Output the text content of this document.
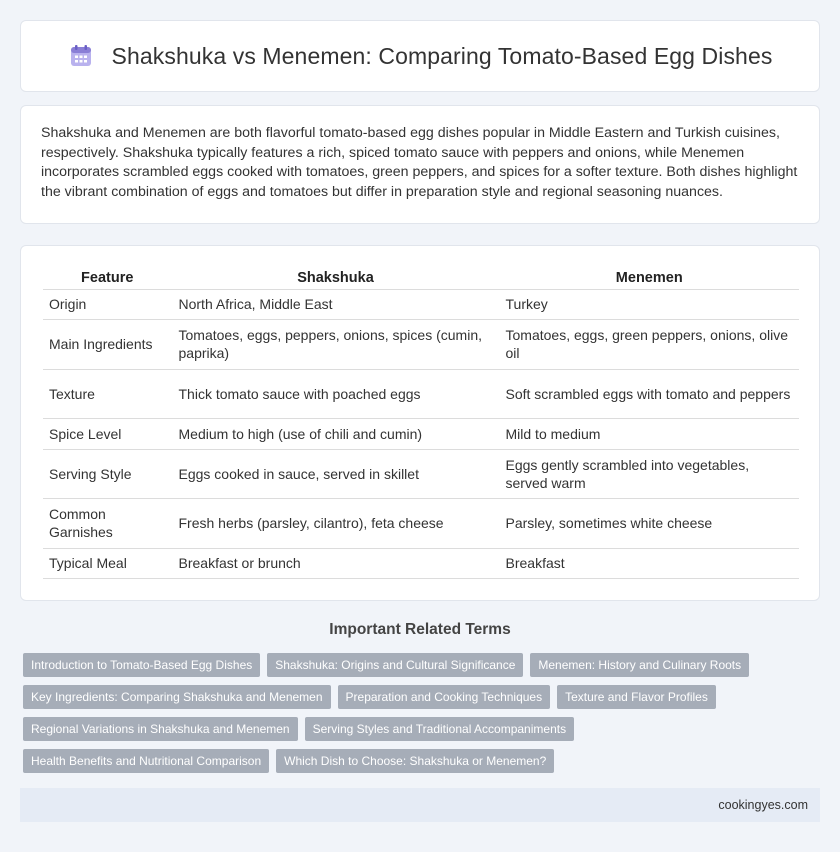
Shakshuka vs Menemen: Comparing Tomato-Based Egg Dishes

Shakshuka and Menemen are both flavorful tomato-based egg dishes popular in Middle Eastern and Turkish cuisines, respectively. Shakshuka typically features a rich, spiced tomato sauce with peppers and onions, while Menemen incorporates scrambled eggs cooked with tomatoes, green peppers, and spices for a softer texture. Both dishes highlight the vibrant combination of eggs and tomatoes but differ in preparation style and regional seasoning nuances.

Feature	Shakshuka	Menemen
Origin	North Africa, Middle East	Turkey
Main Ingredients	Tomatoes, eggs, peppers, onions, spices (cumin, paprika)	Tomatoes, eggs, green peppers, onions, olive oil
Texture	Thick tomato sauce with poached eggs	Soft scrambled eggs with tomato and peppers
Spice Level	Medium to high (use of chili and cumin)	Mild to medium
Serving Style	Eggs cooked in sauce, served in skillet	Eggs gently scrambled into vegetables, served warm
Common Garnishes	Fresh herbs (parsley, cilantro), feta cheese	Parsley, sometimes white cheese
Typical Meal	Breakfast or brunch	Breakfast
Important Related Terms
Introduction to Tomato-Based Egg Dishes	Shakshuka: Origins and Cultural Significance	Menemen: History and Culinary Roots
Key Ingredients: Comparing Shakshuka and Menemen	Preparation and Cooking Techniques	Texture and Flavor Profiles
Regional Variations in Shakshuka and Menemen	Serving Styles and Traditional Accompaniments
Health Benefits and Nutritional Comparison	Which Dish to Choose: Shakshuka or Menemen?
cookingyes.com
